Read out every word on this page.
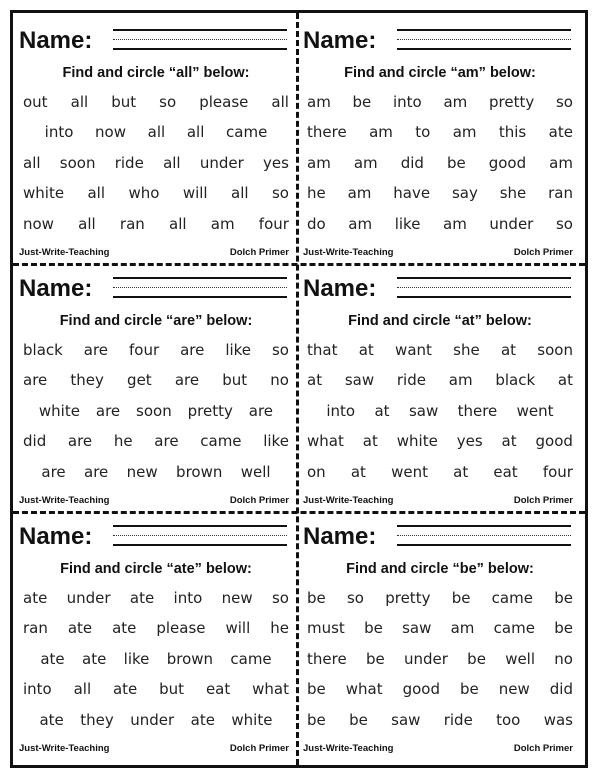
Name:
Find and circle “all” below:
out all but so please all
into now all all came
all soon ride all under yes
white all who will all so
now all ran all am four
Just-Write-Teaching	Dolch Primer
Name:
Find and circle “am” below:
am be into am pretty so
there am to am this ate
am am did be good am
he am have say she ran
do am like am under so
Just-Write-Teaching	Dolch Primer
Name:
Find and circle “are” below:
black are four are like so
are they get are but no
white are soon pretty are
did are he are came like
are are new brown well
Just-Write-Teaching	Dolch Primer
Name:
Find and circle “at” below:
that at want she at soon
at saw ride am black at
into at saw there went
what at white yes at good
on at went at eat four
Just-Write-Teaching	Dolch Primer
Name:
Find and circle “ate” below:
ate under ate into new so
ran ate ate please will he
ate ate like brown came
into all ate but eat what
ate they under ate white
Just-Write-Teaching	Dolch Primer
Name:
Find and circle “be” below:
be so pretty be came be
must be saw am came be
there be under be well no
be what good be new did
be be saw ride too was
Just-Write-Teaching	Dolch Primer
